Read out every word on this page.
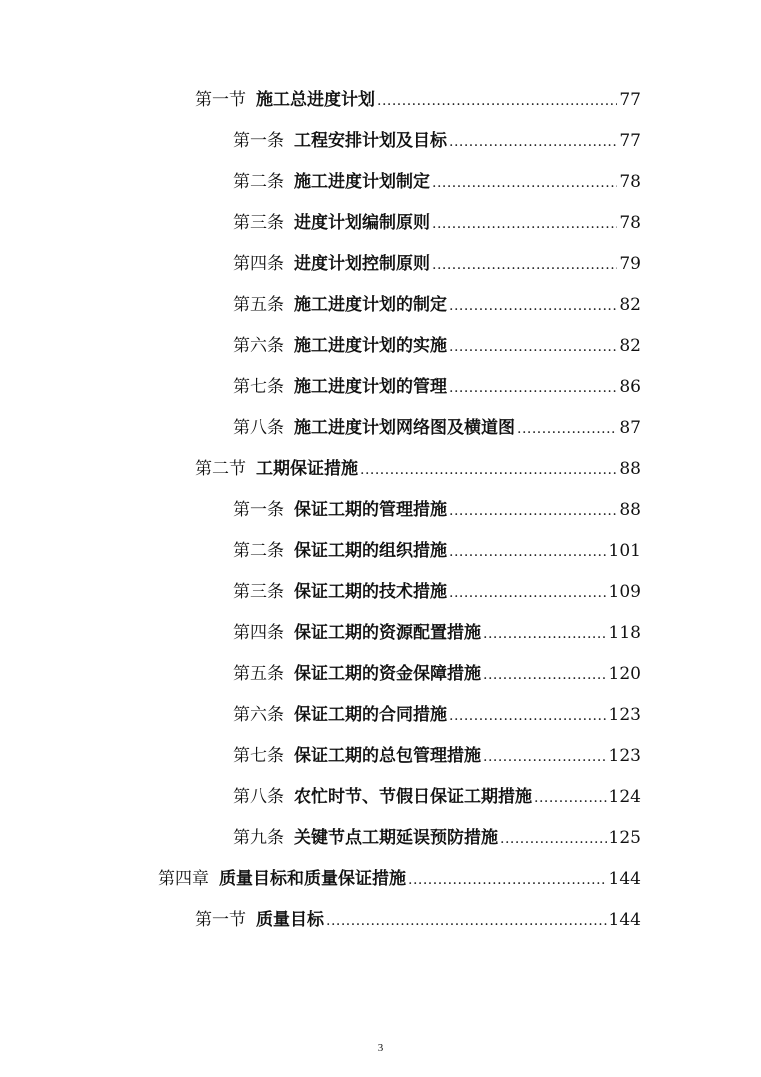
第一节 施工总进度计划 .....	77
第一条 工程安排计划及目标 .....	77
第二条 施工进度计划制定 .....	78
第三条 进度计划编制原则 .....	78
第四条 进度计划控制原则 .....	79
第五条 施工进度计划的制定 .....	82
第六条 施工进度计划的实施 .....	82
第七条 施工进度计划的管理 .....	86
第八条 施工进度计划网络图及横道图 .....	87
第二节 工期保证措施 .....	88
第一条 保证工期的管理措施 .....	88
第二条 保证工期的组织措施 .....	101
第三条 保证工期的技术措施 .....	109
第四条 保证工期的资源配置措施 .....	118
第五条 保证工期的资金保障措施 .....	120
第六条 保证工期的合同措施 .....	123
第七条 保证工期的总包管理措施 .....	123
第八条 农忙时节、节假日保证工期措施 .....	124
第九条 关键节点工期延误预防措施 .....	125
第四章 质量目标和质量保证措施 .....	144
第一节 质量目标 .....	144
3
